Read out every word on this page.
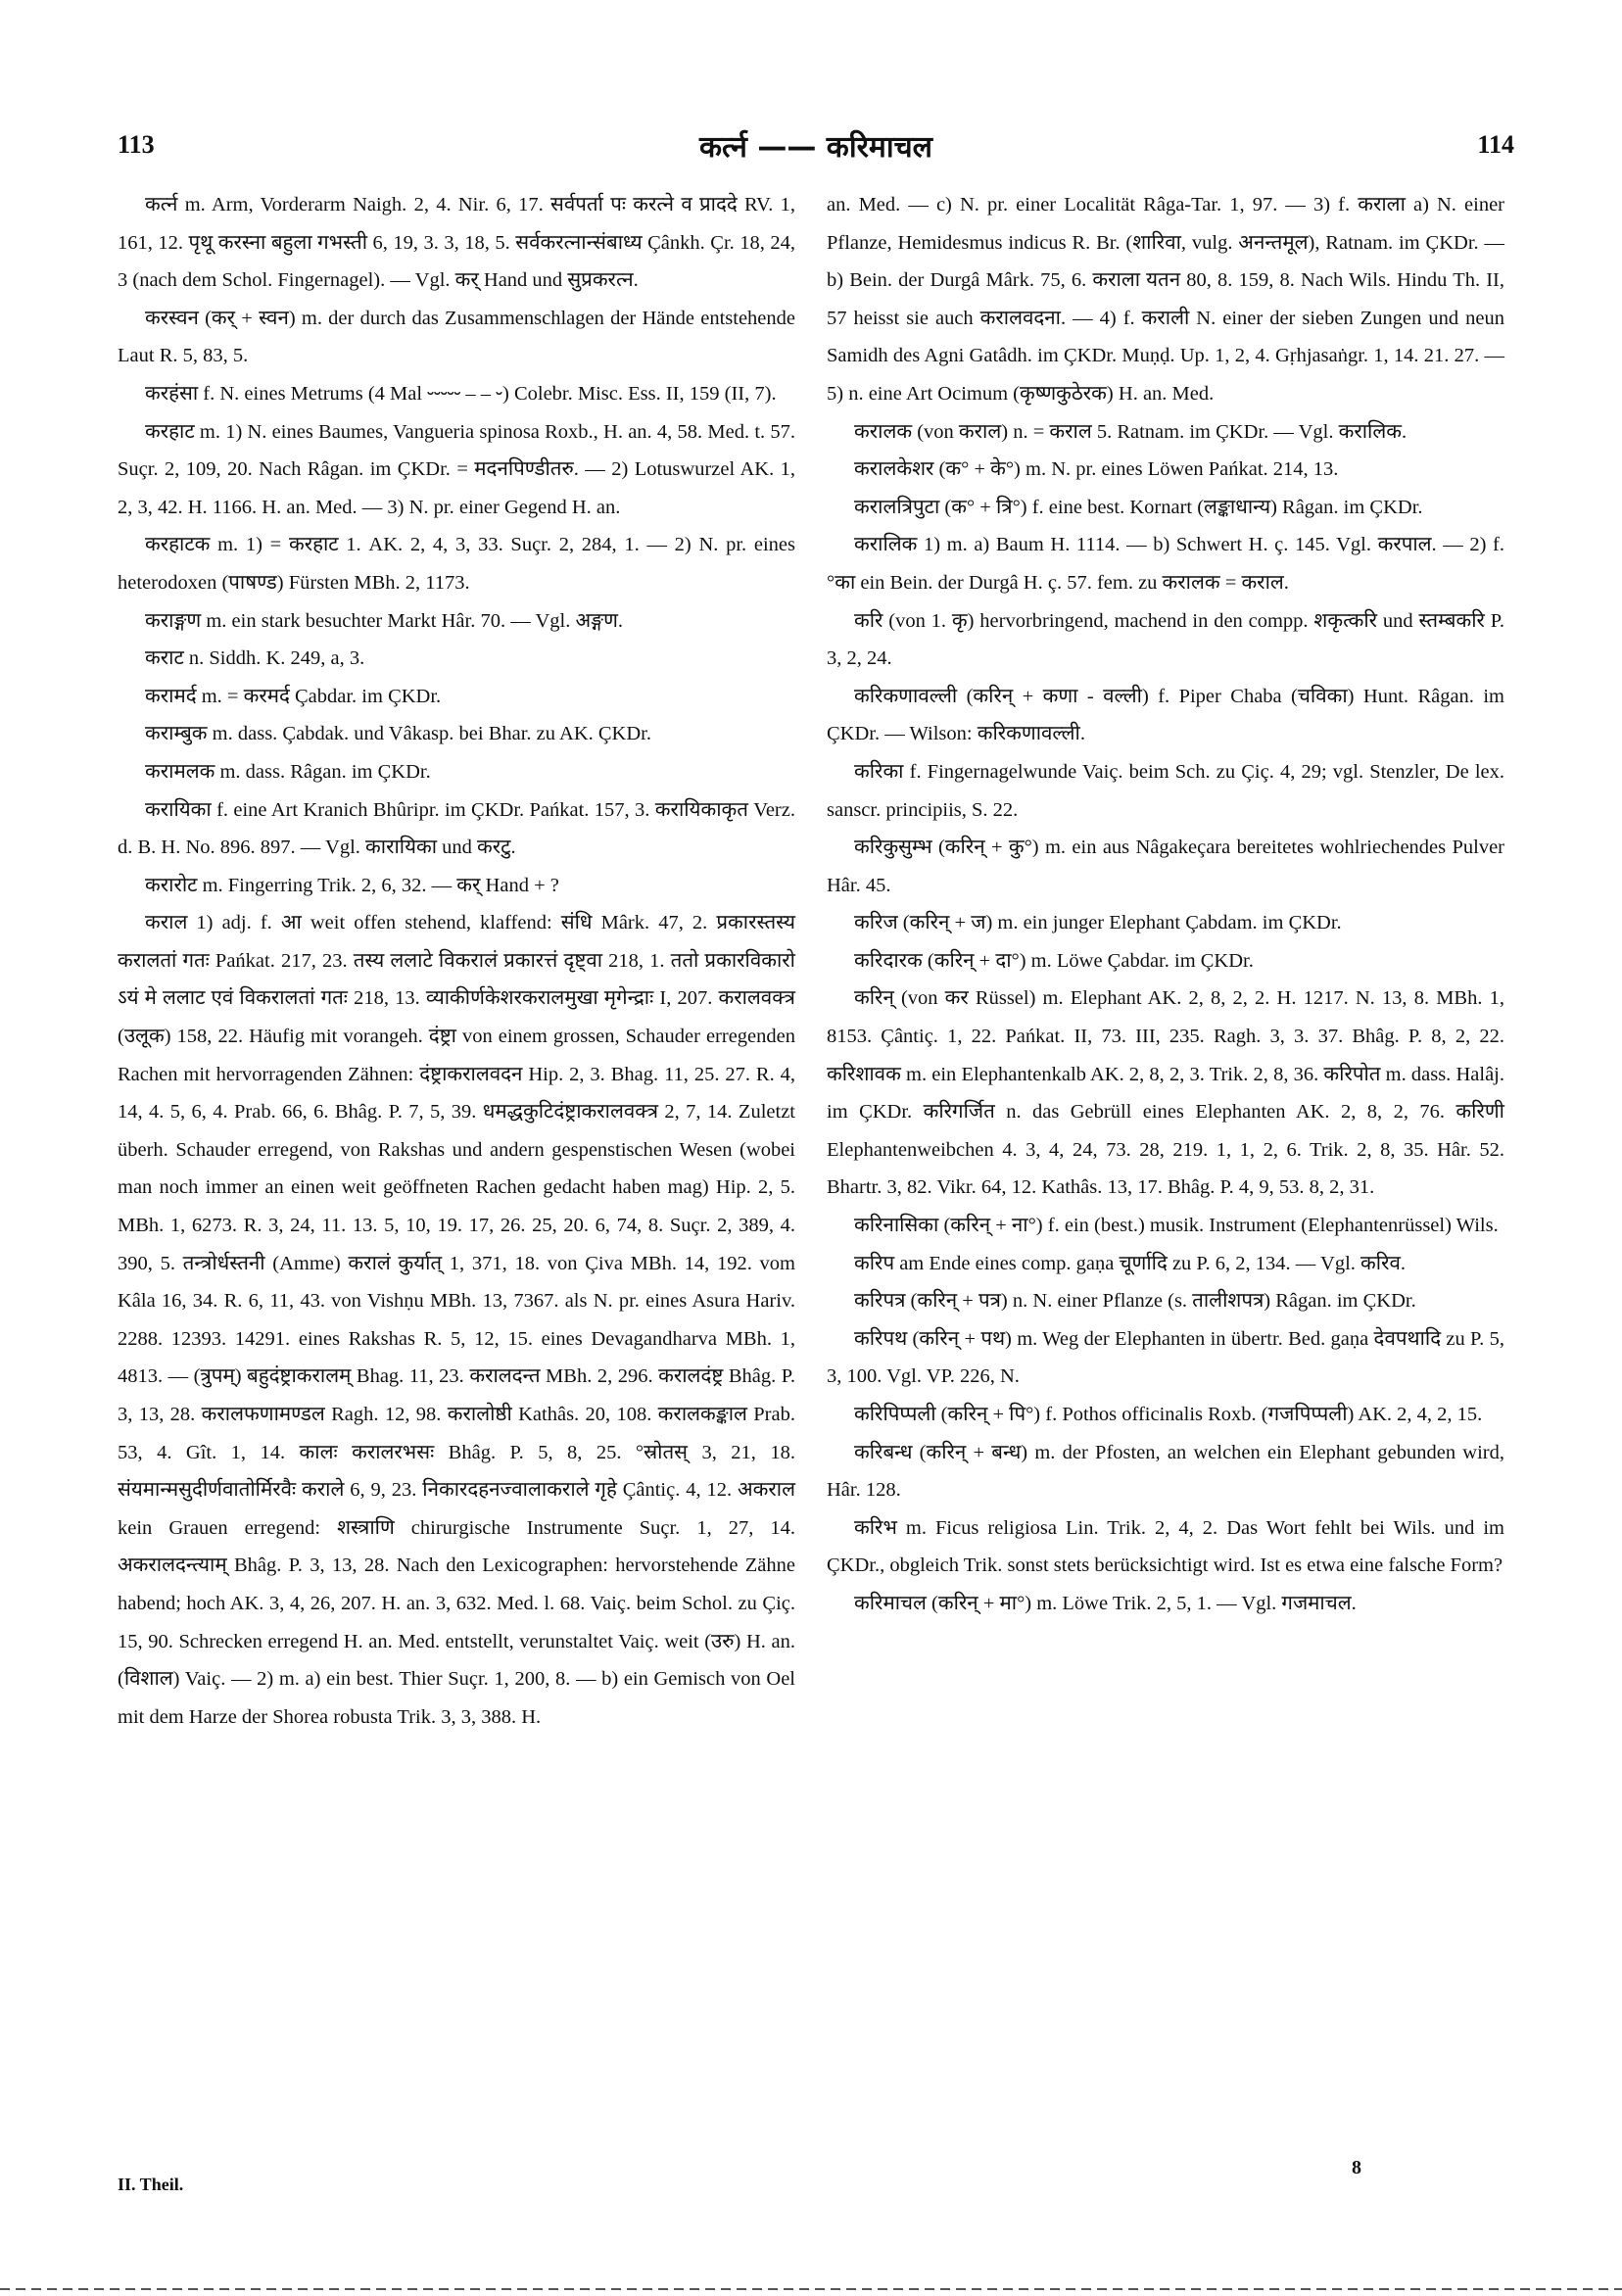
113	कर्त्न —— करिमाचल	114

कर्त्न m. Arm, Vorderarm Naigh. 2, 4. Nir. 6, 17. सर्वपर्ता पः करत्ने व प्राददे RV. 1, 161, 12. पृथू करस्ना बहुला गभस्ती 6, 19, 3. 3, 18, 5. सर्वकरत्नान्संबाध्य Çânkh. Çr. 18, 24, 3 (nach dem Schol. Fingernagel). — Vgl. कर् Hand und सुप्रकरत्न.

करस्वन (कर् + स्वन) m. der durch das Zusammenschlagen der Hände entstehende Laut R. 5, 83, 5.

करहंसा f. N. eines Metrums (4 Mal ⏑⏑⏑⏑⏑ – – ⏑) Colebr. Misc. Ess. II, 159 (II, 7).

करहाट m. 1) N. eines Baumes, Vangueria spinosa Roxb., H. an. 4, 58. Med. t. 57. Suçr. 2, 109, 20. Nach Râgan. im ÇKDr. = मदनपिण्डीतरु. — 2) Lotuswurzel AK. 1, 2, 3, 42. H. 1166. H. an. Med. — 3) N. pr. einer Gegend H. an.

करहाटक m. 1) = करहाट 1. AK. 2, 4, 3, 33. Suçr. 2, 284, 1. — 2) N. pr. eines heterodoxen (पाषण्ड) Fürsten MBh. 2, 1173.

कराङ्गण m. ein stark besuchter Markt Hâr. 70. — Vgl. अङ्गण.

कराट n. Siddh. K. 249, a, 3.

करामर्द m. = करमर्द Çabdar. im ÇKDr.

कराम्बुक m. dass. Çabdak. und Vâkasp. bei Bhar. zu AK. ÇKDr.

करामलक m. dass. Râgan. im ÇKDr.

करायिका f. eine Art Kranich Bhûripr. im ÇKDr. Pańkat. 157, 3. करायिकाकृत Verz. d. B. H. No. 896. 897. — Vgl. कारायिका und करटु.

करारोट m. Fingerring Trik. 2, 6, 32. — कर् Hand + ?

कराल 1) adj. f. आ weit offen stehend, klaffend: संधि Mârk. 47, 2. प्रकारस्तस्य करालतां गतः Pańkat. 217, 23. तस्य ललाटे विकरालं प्रकारत्तं दृष्ट्वा 218, 1. ततो प्रकारविकारो ऽयं मे ललाट एवं विकरालतां गतः 218, 13. व्याकीर्णकेशरकरालमुखा मृगेन्द्राः I, 207. करालवक्त्र (उलूक) 158, 22. Häufig mit vorangeh. दंष्ट्रा von einem grossen, Schauder erregenden Rachen mit hervorragenden Zähnen: दंष्ट्राकरालवदन Hip. 2, 3. Bhag. 11, 25. 27. R. 4, 14, 4. 5, 6, 4. Prab. 66, 6. Bhâg. P. 7, 5, 39. धमद्धकुटिदंष्ट्राकरालवक्त्र 2, 7, 14. Zuletzt überh. Schauder erregend, von Rakshas und andern gespenstischen Wesen (wobei man noch immer an einen weit geöffneten Rachen gedacht haben mag) Hip. 2, 5. MBh. 1, 6273. R. 3, 24, 11. 13. 5, 10, 19. 17, 26. 25, 20. 6, 74, 8. Suçr. 2, 389, 4. 390, 5. तन्त्रोर्धस्तनी (Amme) करालं कुर्यात् 1, 371, 18. von Çiva MBh. 14, 192. vom Kâla 16, 34. R. 6, 11, 43. von Vishṇu MBh. 13, 7367. als N. pr. eines Asura Hariv. 2288. 12393. 14291. eines Rakshas R. 5, 12, 15. eines Devagandharva MBh. 1, 4813. — (त्रुपम्) बहुदंष्ट्राकरालम् Bhag. 11, 23. करालदन्त MBh. 2, 296. करालदंष्ट्र Bhâg. P. 3, 13, 28. करालफणामण्डल Ragh. 12, 98. करालोष्ठी Kathâs. 20, 108. करालकङ्काल Prab. 53, 4. Gît. 1, 14. कालः करालरभसः Bhâg. P. 5, 8, 25. °स्रोतस् 3, 21, 18. संयमान्मसुदीर्णवातोर्मिरवैः कराले 6, 9, 23. निकारदहनज्वालाकराले गृहे Çântiç. 4, 12. अकराल kein Grauen erregend: शस्त्राणि chirurgische Instrumente Suçr. 1, 27, 14. अकरालदन्त्याम् Bhâg. P. 3, 13, 28. Nach den Lexicographen: hervorstehende Zähne habend; hoch AK. 3, 4, 26, 207. H. an. 3, 632. Med. l. 68. Vaiç. beim Schol. zu Çiç. 15, 90. Schrecken erregend H. an. Med. entstellt, verunstaltet Vaiç. weit (उरु) H. an. (विशाल) Vaiç. — 2) m. a) ein best. Thier Suçr. 1, 200, 8. — b) ein Gemisch von Oel mit dem Harze der Shorea robusta Trik. 3, 3, 388. H.

an. Med. — c) N. pr. einer Localität Râga-Tar. 1, 97. — 3) f. कराला a) N. einer Pflanze, Hemidesmus indicus R. Br. (शारिवा, vulg. अनन्तमूल), Ratnam. im ÇKDr. — b) Bein. der Durgâ Mârk. 75, 6. कराला यतन 80, 8. 159, 8. Nach Wils. Hindu Th. II, 57 heisst sie auch करालवदना. — 4) f. कराली N. einer der sieben Zungen und neun Samidh des Agni Gatâdh. im ÇKDr. Muṇḍ. Up. 1, 2, 4. Gṛhjasaṅgr. 1, 14. 21. 27. — 5) n. eine Art Ocimum (कृष्णकुठेरक) H. an. Med.

करालक (von कराल) n. = कराल 5. Ratnam. im ÇKDr. — Vgl. करालिक.

करालकेशर (क° + के°) m. N. pr. eines Löwen Pańkat. 214, 13.

करालत्रिपुटा (क° + त्रि°) f. eine best. Kornart (लङ्काधान्य) Râgan. im ÇKDr.

करालिक 1) m. a) Baum H. 1114. — b) Schwert H. ç. 145. Vgl. करपाल. — 2) f. °का ein Bein. der Durgâ H. ç. 57. fem. zu करालक = कराल.

करि (von 1. कृ) hervorbringend, machend in den compp. शकृत्करि und स्तम्बकरि P. 3, 2, 24.

करिकणावल्ली (करिन् + कणा - वल्ली) f. Piper Chaba (चविका) Hunt. Râgan. im ÇKDr. — Wilson: करिकणावल्ली.

करिका f. Fingernagelwunde Vaiç. beim Sch. zu Çiç. 4, 29; vgl. Stenzler, De lex. sanscr. principiis, S. 22.

करिकुसुम्भ (करिन् + कु°) m. ein aus Nâgakeçara bereitetes wohlriechendes Pulver Hâr. 45.

करिज (करिन् + ज) m. ein junger Elephant Çabdam. im ÇKDr.

करिदारक (करिन् + दा°) m. Löwe Çabdar. im ÇKDr.

करिन् (von कर Rüssel) m. Elephant AK. 2, 8, 2, 2. H. 1217. N. 13, 8. MBh. 1, 8153. Çântiç. 1, 22. Pańkat. II, 73. III, 235. Ragh. 3, 3. 37. Bhâg. P. 8, 2, 22. करिशावक m. ein Elephantenkalb AK. 2, 8, 2, 3. Trik. 2, 8, 36. करिपोत m. dass. Halâj. im ÇKDr. करिगर्जित n. das Gebrüll eines Elephanten AK. 2, 8, 2, 76. करिणी Elephantenweibchen 4. 3, 4, 24, 73. 28, 219. 1, 1, 2, 6. Trik. 2, 8, 35. Hâr. 52. Bhartr. 3, 82. Vikr. 64, 12. Kathâs. 13, 17. Bhâg. P. 4, 9, 53. 8, 2, 31.

करिनासिका (करिन् + ना°) f. ein (best.) musik. Instrument (Elephantenrüssel) Wils.

करिप am Ende eines comp. gaṇa चूर्णादि zu P. 6, 2, 134. — Vgl. करिव.

करिपत्र (करिन् + पत्र) n. N. einer Pflanze (s. तालीशपत्र) Râgan. im ÇKDr.

करिपथ (करिन् + पथ) m. Weg der Elephanten in übertr. Bed. gaṇa देवपथादि zu P. 5, 3, 100. Vgl. VP. 226, N.

करिपिप्पली (करिन् + पि°) f. Pothos officinalis Roxb. (गजपिप्पली) AK. 2, 4, 2, 15.

करिबन्ध (करिन् + बन्ध) m. der Pfosten, an welchen ein Elephant gebunden wird, Hâr. 128.

करिभ m. Ficus religiosa Lin. Trik. 2, 4, 2. Das Wort fehlt bei Wils. und im ÇKDr., obgleich Trik. sonst stets berücksichtigt wird. Ist es etwa eine falsche Form?

करिमाचल (करिन् + मा°) m. Löwe Trik. 2, 5, 1. — Vgl. गजमाचल.

II. Theil.
8
